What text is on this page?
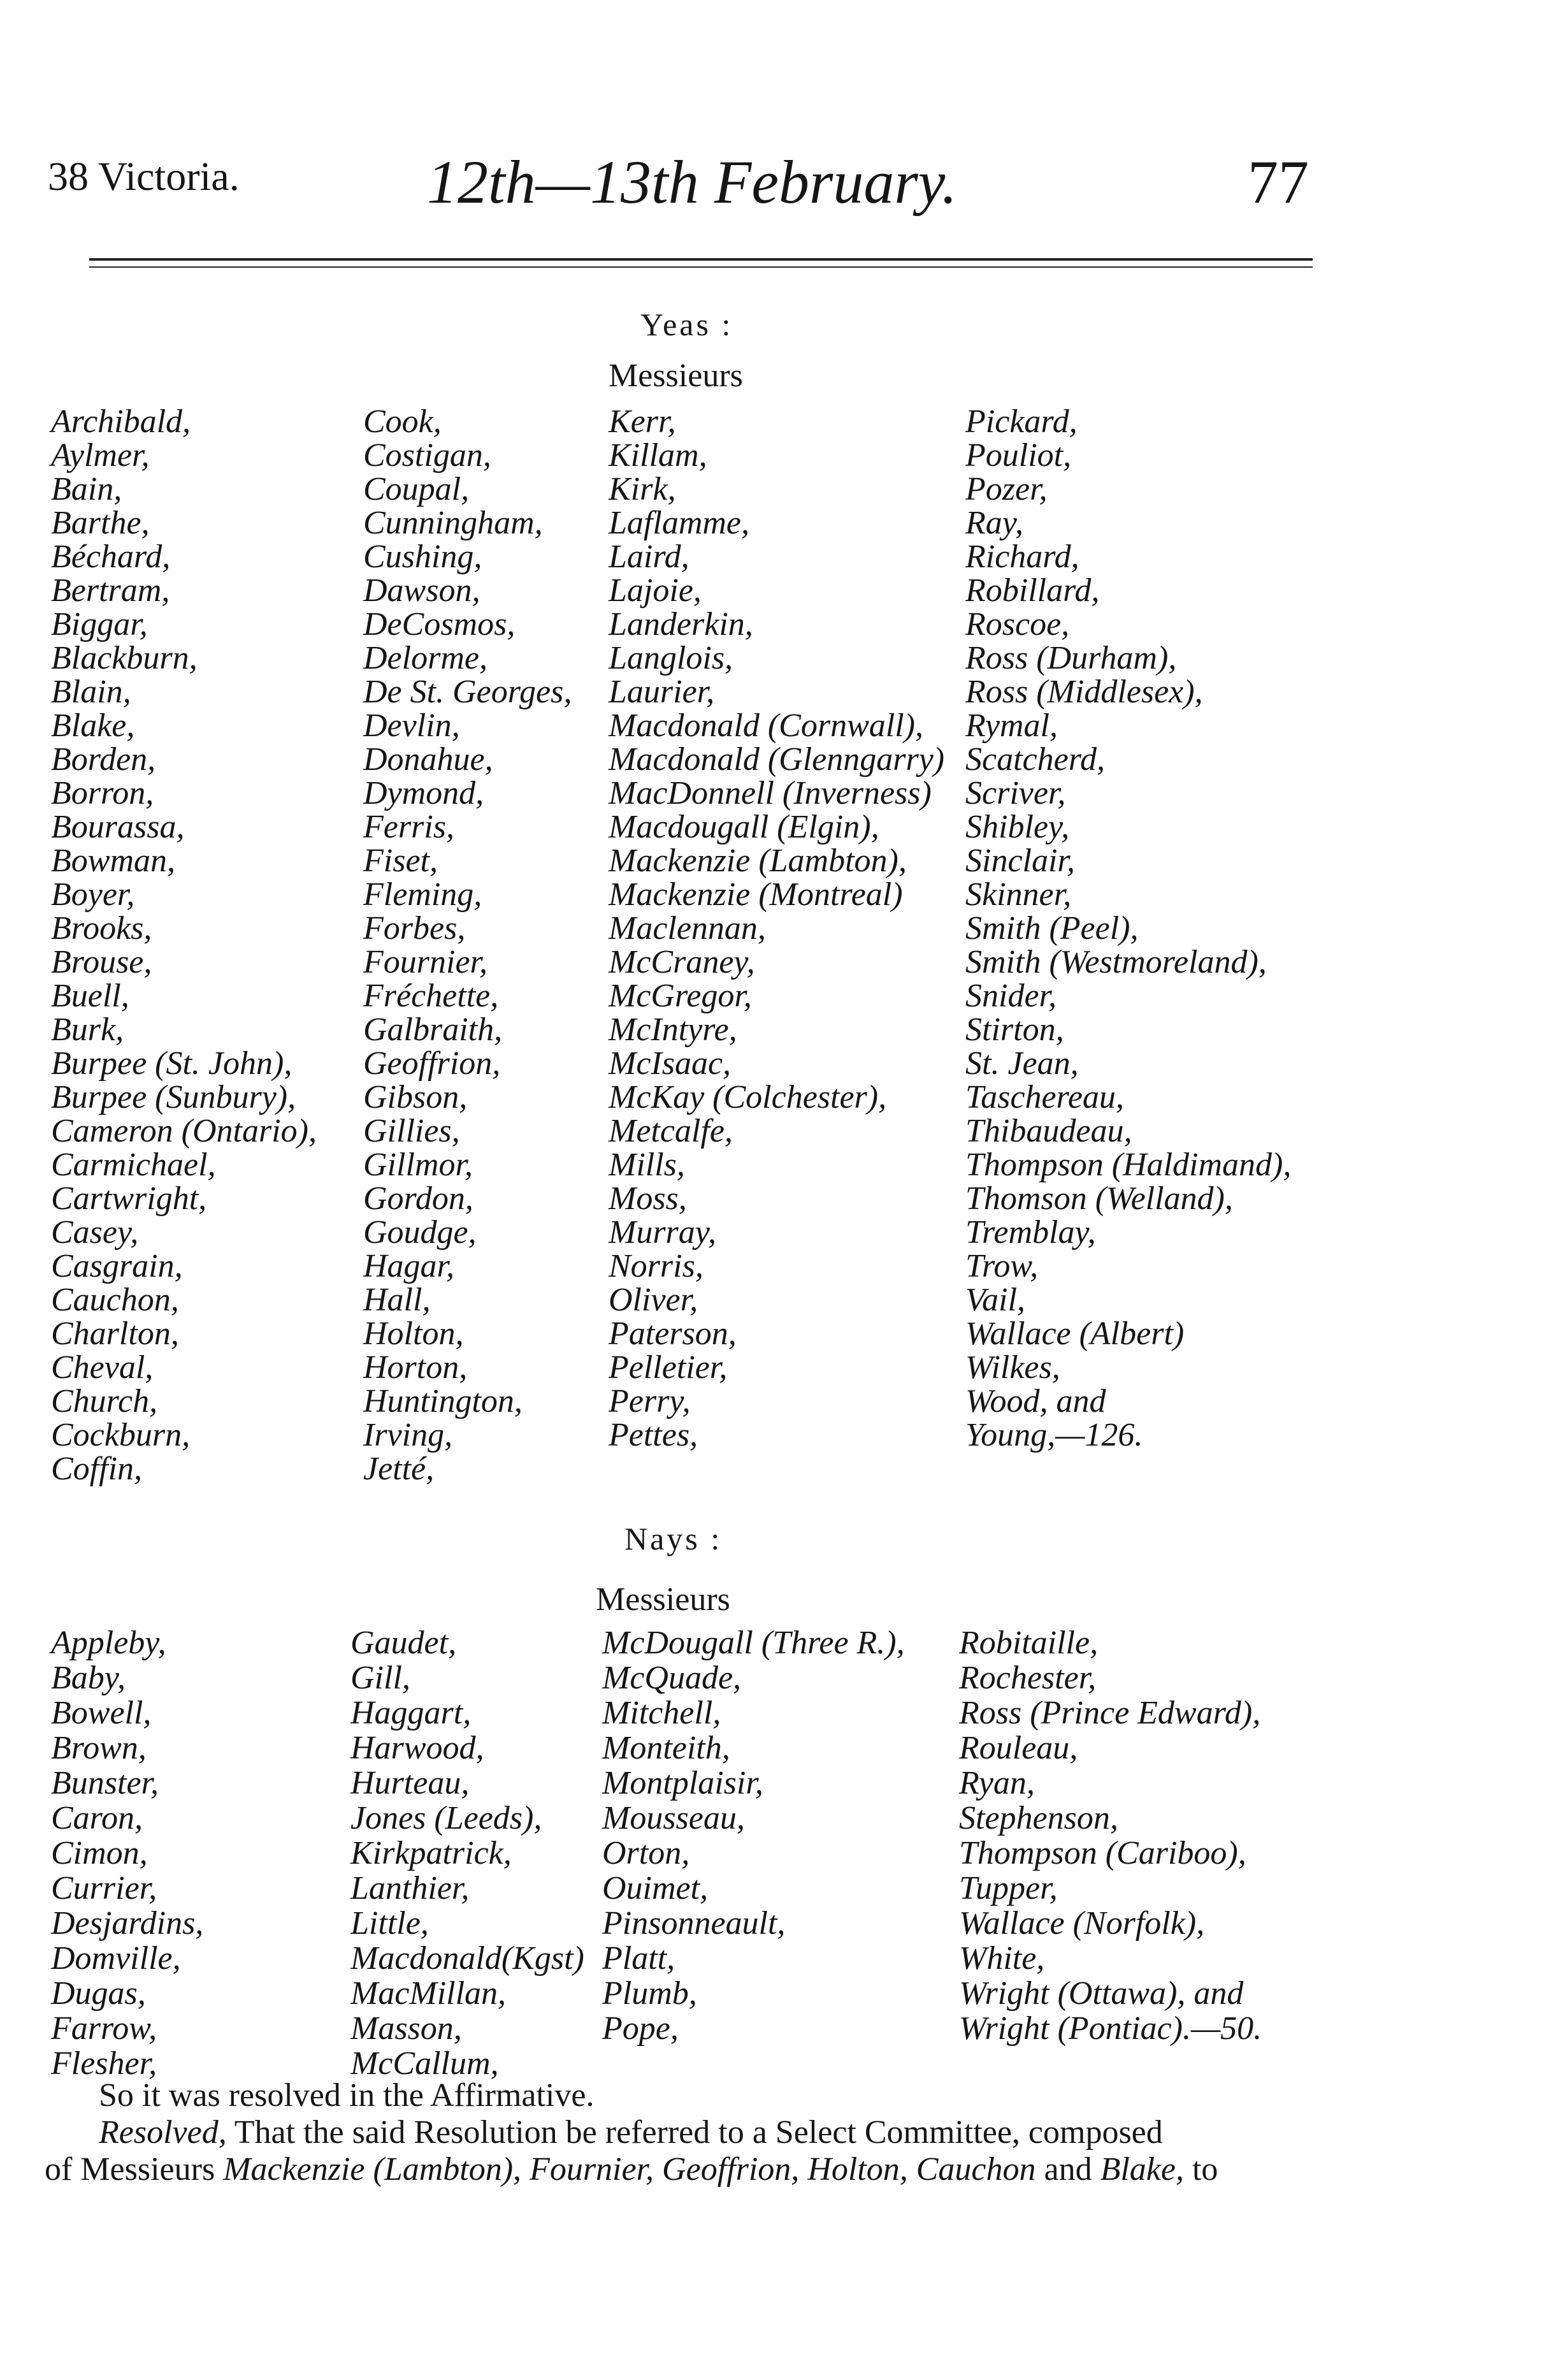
38 Victoria.	12th—13th February.	77
Yeas :
Messieurs
Archibald,
Aylmer,
Bain,
Barthe,
Béchard,
Bertram,
Biggar,
Blackburn,
Blain,
Blake,
Borden,
Borron,
Bourassa,
Bowman,
Boyer,
Brooks,
Brouse,
Buell,
Burk,
Burpee (St. John),
Burpee (Sunbury),
Cameron (Ontario),
Carmichael,
Cartwright,
Casey,
Casgrain,
Cauchon,
Charlton,
Cheval,
Church,
Cockburn,
Coffin,
Cook,
Costigan,
Coupal,
Cunningham,
Cushing,
Dawson,
DeCosmos,
Delorme,
De St. Georges,
Devlin,
Donahue,
Dymond,
Ferris,
Fiset,
Fleming,
Forbes,
Fournier,
Fréchette,
Galbraith,
Geoffrion,
Gibson,
Gillies,
Gillmor,
Gordon,
Goudge,
Hagar,
Hall,
Holton,
Horton,
Huntington,
Irving,
Jetté,
Kerr,
Killam,
Kirk,
Laflamme,
Laird,
Lajoie,
Landerkin,
Langlois,
Laurier,
Macdonald (Cornwall),
Macdonald (Glenngarry)
MacDonnell (Inverness)
Macdougall (Elgin),
Mackenzie (Lambton),
Mackenzie (Montreal)
Maclennan,
McCraney,
McGregor,
McIntyre,
McIsaac,
McKay (Colchester),
Metcalfe,
Mills,
Moss,
Murray,
Norris,
Oliver,
Paterson,
Pelletier,
Perry,
Pettes,
Pickard,
Pouliot,
Pozer,
Ray,
Richard,
Robillard,
Roscoe,
Ross (Durham),
Ross (Middlesex),
Rymal,
Scatcherd,
Scriver,
Shibley,
Sinclair,
Skinner,
Smith (Peel),
Smith (Westmoreland),
Snider,
Stirton,
St. Jean,
Taschereau,
Thibaudeau,
Thompson (Haldimand),
Thomson (Welland),
Tremblay,
Trow,
Vail,
Wallace (Albert)
Wilkes,
Wood, and
Young,—126.
Nays :
Messieurs
Appleby,
Baby,
Bowell,
Brown,
Bunster,
Caron,
Cimon,
Currier,
Desjardins,
Domville,
Dugas,
Farrow,
Flesher,
Gaudet,
Gill,
Haggart,
Harwood,
Hurteau,
Jones (Leeds),
Kirkpatrick,
Lanthier,
Little,
Macdonald(Kgst)
MacMillan,
Masson,
McCallum,
McDougall (Three R.),
McQuade,
Mitchell,
Monteith,
Montplaisir,
Mousseau,
Orton,
Ouimet,
Pinsonneault,
Platt,
Plumb,
Pope,
Robitaille,
Rochester,
Ross (Prince Edward),
Rouleau,
Ryan,
Stephenson,
Thompson (Cariboo),
Tupper,
Wallace (Norfolk),
White,
Wright (Ottawa), and
Wright (Pontiac).—50.
So it was resolved in the Affirmative.
Resolved, That the said Resolution be referred to a Select Committee, composed
of Messieurs Mackenzie (Lambton), Fournier, Geoffrion, Holton, Cauchon and Blake, to
